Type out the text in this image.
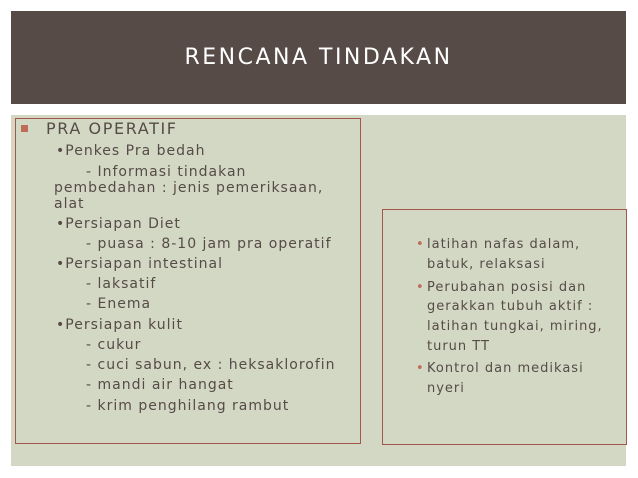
RENCANA TINDAKAN
PRA OPERATIF
•Penkes Pra bedah
- Informasi tindakan
pembedahan : jenis pemeriksaan,
alat
•Persiapan Diet
- puasa : 8-10 jam pra operatif
•Persiapan intestinal
- laksatif
- Enema
•Persiapan kulit
- cukur
- cuci sabun, ex : heksaklorofin
- mandi air hangat
- krim penghilang rambut
• latihan nafas dalam,
batuk, relaksasi
• Perubahan posisi dan
gerakkan tubuh aktif :
latihan tungkai, miring,
turun TT
• Kontrol dan medikasi
nyeri
